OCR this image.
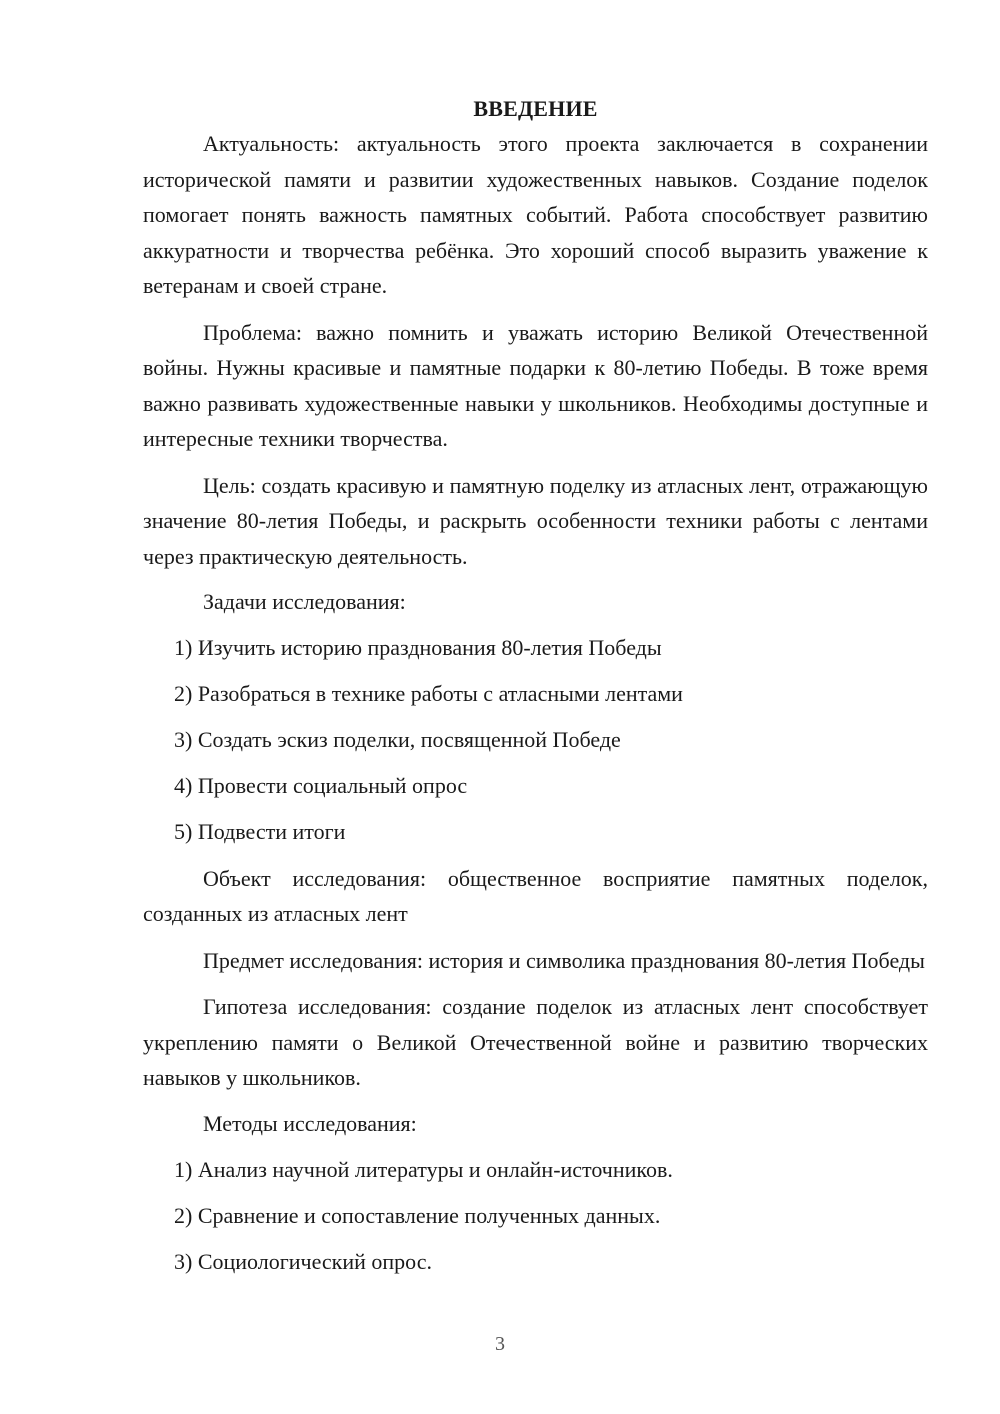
ВВЕДЕНИЕ

Актуальность: актуальность этого проекта заключается в сохранении исторической памяти и развитии художественных навыков. Создание поделок помогает понять важность памятных событий. Работа способствует развитию аккуратности и творчества ребёнка. Это хороший способ выразить уважение к ветеранам и своей стране.

Проблема: важно помнить и уважать историю Великой Отечественной войны. Нужны красивые и памятные подарки к 80-летию Победы. В тоже время важно развивать художественные навыки у школьников. Необходимы доступные и интересные техники творчества.

Цель: создать красивую и памятную поделку из атласных лент, отражающую значение 80-летия Победы, и раскрыть особенности техники работы с лентами через практическую деятельность.

Задачи исследования:

1) Изучить историю празднования 80-летия Победы

2) Разобраться в технике работы с атласными лентами

3) Создать эскиз поделки, посвященной Победе

4) Провести социальный опрос

5) Подвести итоги

Объект исследования: общественное восприятие памятных поделок, созданных из атласных лент

Предмет исследования: история и символика празднования 80-летия Победы

Гипотеза исследования: создание поделок из атласных лент способствует укреплению памяти о Великой Отечественной войне и развитию творческих навыков у школьников.

Методы исследования:

1) Анализ научной литературы и онлайн-источников.

2) Сравнение и сопоставление полученных данных.

3) Социологический опрос.

3
